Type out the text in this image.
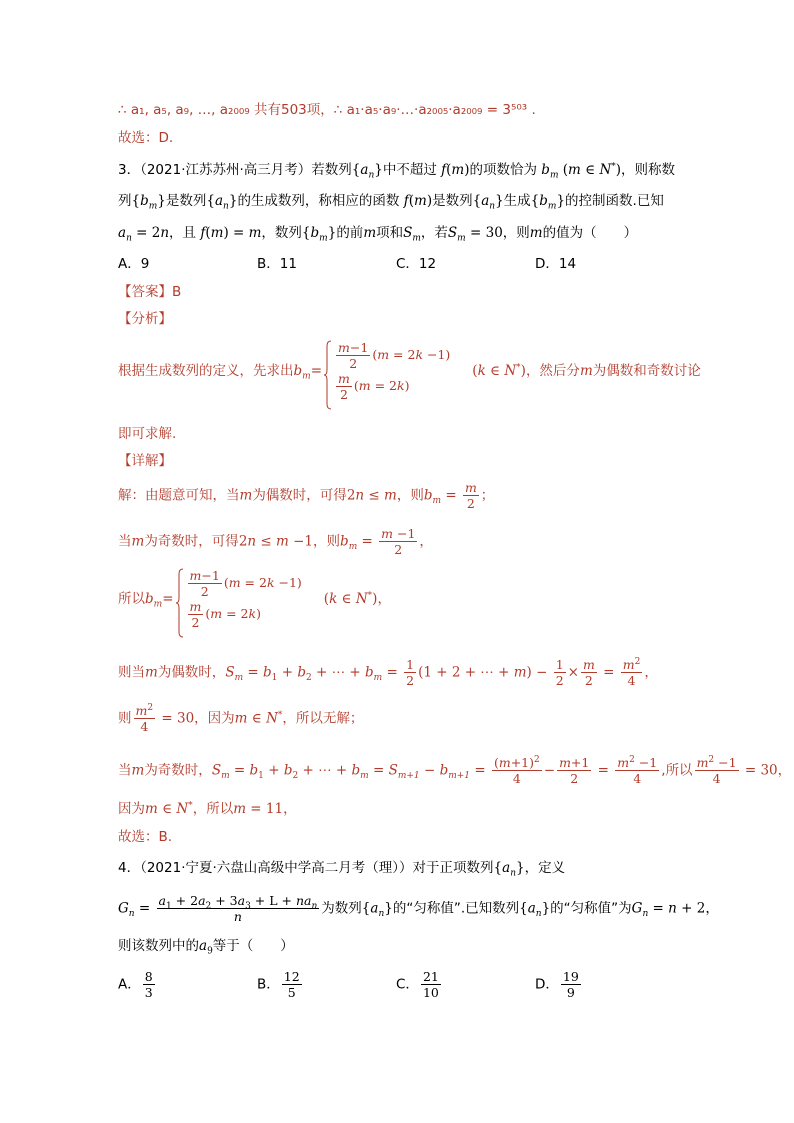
∴ a₁, a₅, a₉, …, a₂₀₀₉ 共有503项，∴ a₁·a₅·a₉·…·a₂₀₀₅·a₂₀₀₉ = 3⁵⁰³ .
故选：D.
3．（2021·江苏苏州·高三月考）若数列$\{a_n\}$中不超过 f(m)的项数恰为 $b_m$ (m ∈ N*)，则称数
列$\{b_m\}$是数列$\{a_n\}$的生成数列，称相应的函数 f(m)是数列$\{a_n\}$生成$\{b_m\}$的控制函数.已知
$a_n = 2n$，且 f(m) = m，数列$\{b_m\}$的前m项和$S_m$，若$S_m = 30$，则m的值为（　　）
A．9	B．11	C．12	D．14
【答案】B
【分析】
根据生成数列的定义，先求出$b_m= \frac{m-1}{2} (m = 2k -1)$
$\frac{m}{2} (m = 2k)$
(k ∈ N*)，然后分m为偶数和奇数讨论
即可求解.
【详解】
解：由题意可知，当m为偶数时，可得2n ≤ m，则$b_m = \frac{m}{2}$ ；
当m为奇数时，可得2n ≤ m −1，则$b_m = \frac{m -1}{2}$ ，
所以$b_m= \frac{m-1}{2} (m = 2k -1)$
$\frac{m}{2} (m = 2k)$
(k ∈ N*)，
则当m为偶数时，$S_m = b_1 + b_2$ + ⋯ + $b_m = \frac{1}{2} (1 + 2$ + ⋯ + $m) - \frac{1}{2} \times \frac{m}{2} = \frac{m^2}{4}$ ，
则 $\frac{m^2}{4} = 30$，因为m ∈ N*，所以无解；
当m为奇数时，$S_m = b_1 + b_2$ + ⋯ + $b_m = S_{m+1} - b_{m+1} = \frac{(m+1)^2}{4} - \frac{m+1}{2} = \frac{m^2 -1}{4}$ ,所以 $\frac{m^2 -1}{4} = 30$，
因为m ∈ N*，所以m = 11，
故选：B.
4．（2021·宁夏·六盘山高级中学高二月考（理））对于正项数列$\{a_n\}$，定义
$G_n = \frac{a_1 + 2a_2 + 3a_3 + L + na_n}{n}$ 为数列$\{a_n\}$的“匀称值”.已知数列$\{a_n\}$的“匀称值”为$G_n = n + 2$，
则该数列中的$a_9$等于（　　）
A． $\frac{8}{3}$	B． $\frac{12}{5}$	C． $\frac{21}{10}$	D． $\frac{19}{9}$
